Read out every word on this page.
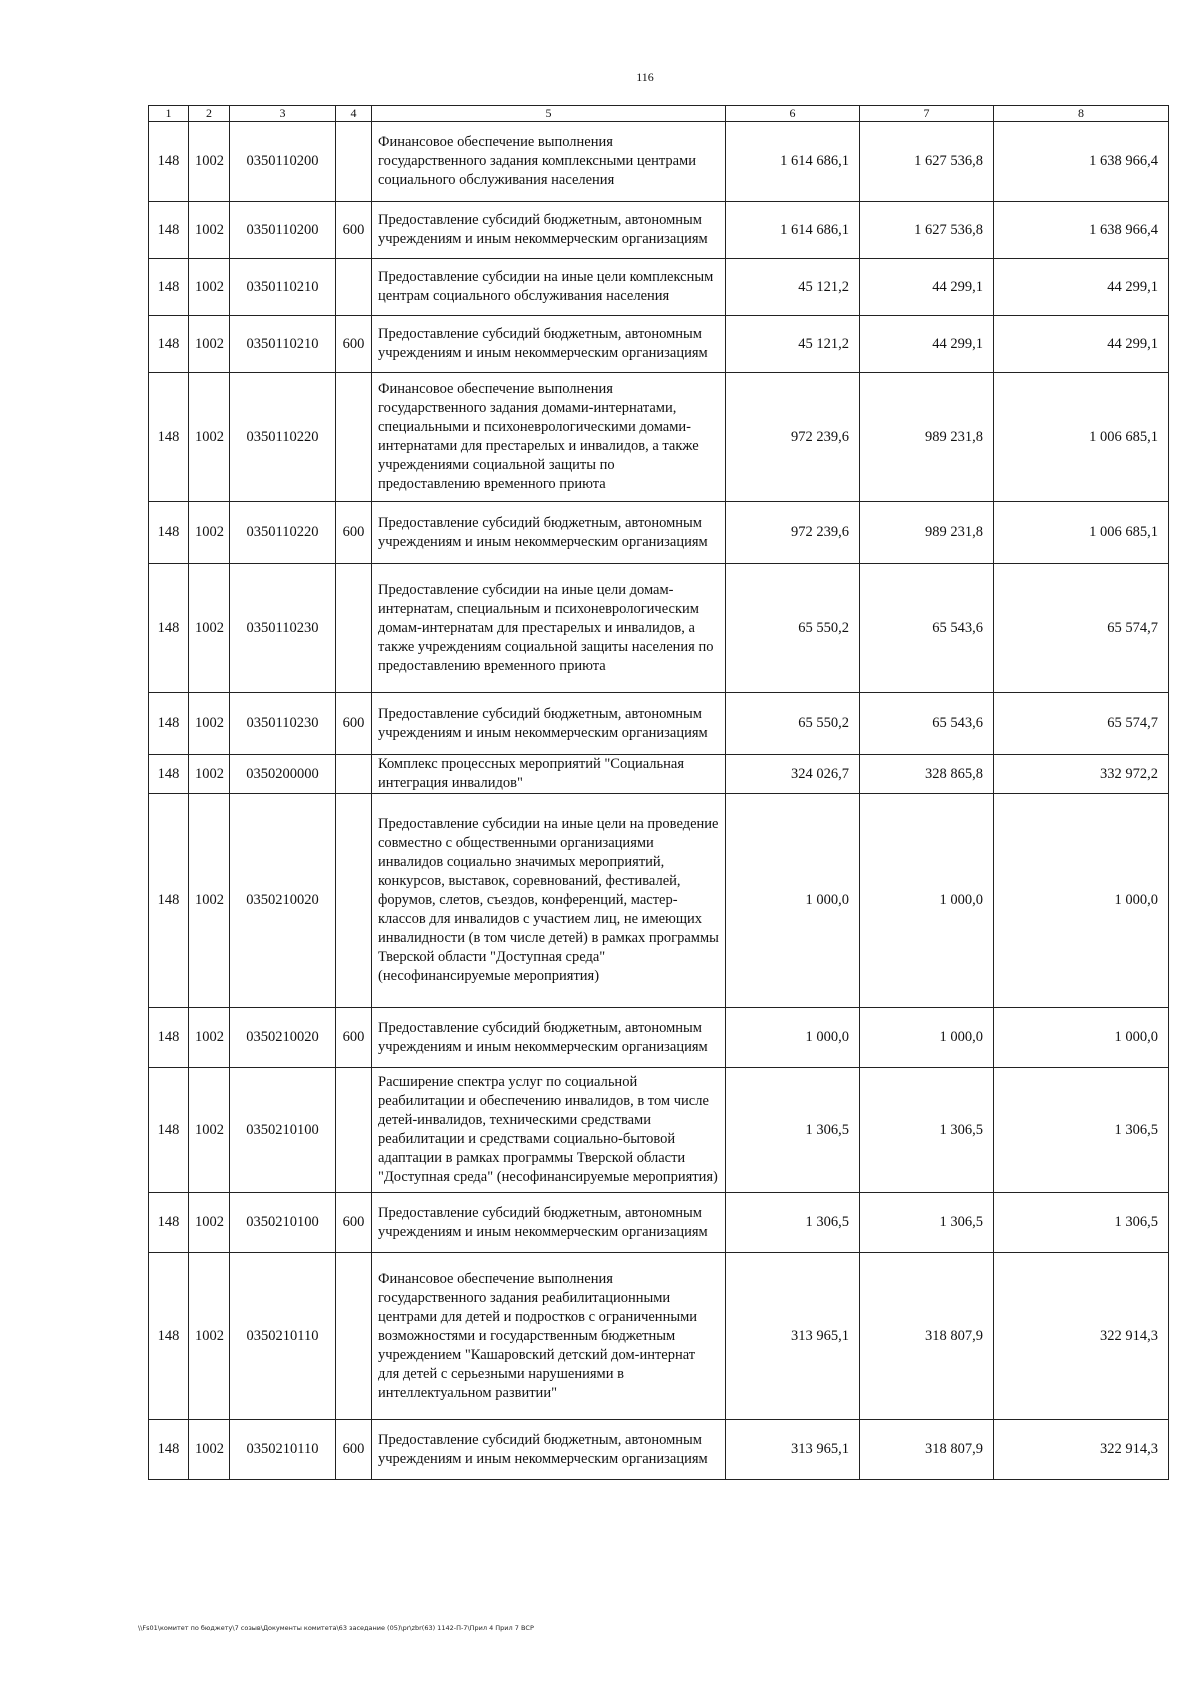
116
1	2	3	4	5	6	7	8
148	1002	0350110200		Финансовое обеспечение выполнения государственного задания комплексными центрами социального обслуживания населения	1 614 686,1	1 627 536,8	1 638 966,4
148	1002	0350110200	600	Предоставление субсидий бюджетным, автономным учреждениям и иным некоммерческим организациям	1 614 686,1	1 627 536,8	1 638 966,4
148	1002	0350110210		Предоставление субсидии на иные цели комплексным центрам социального обслуживания населения	45 121,2	44 299,1	44 299,1
148	1002	0350110210	600	Предоставление субсидий бюджетным, автономным учреждениям и иным некоммерческим организациям	45 121,2	44 299,1	44 299,1
148	1002	0350110220		Финансовое обеспечение выполнения государственного задания домами-интернатами, специальными и психоневрологическими домами-интернатами для престарелых и инвалидов, а также учреждениями социальной защиты по предоставлению временного приюта	972 239,6	989 231,8	1 006 685,1
148	1002	0350110220	600	Предоставление субсидий бюджетным, автономным учреждениям и иным некоммерческим организациям	972 239,6	989 231,8	1 006 685,1
148	1002	0350110230		Предоставление субсидии на иные цели домам-интернатам, специальным и психоневрологическим домам-интернатам для престарелых и инвалидов, а также учреждениям социальной защиты населения по предоставлению временного приюта	65 550,2	65 543,6	65 574,7
148	1002	0350110230	600	Предоставление субсидий бюджетным, автономным учреждениям и иным некоммерческим организациям	65 550,2	65 543,6	65 574,7
148	1002	0350200000		Комплекс процессных мероприятий "Социальная интеграция инвалидов"	324 026,7	328 865,8	332 972,2
148	1002	0350210020		Предоставление субсидии на иные цели на проведение совместно с общественными организациями инвалидов социально значимых мероприятий, конкурсов, выставок, соревнований, фестивалей, форумов, слетов, съездов, конференций, мастер-классов для инвалидов с участием лиц, не имеющих инвалидности (в том числе детей) в рамках программы Тверской области "Доступная среда" (несофинансируемые мероприятия)	1 000,0	1 000,0	1 000,0
148	1002	0350210020	600	Предоставление субсидий бюджетным, автономным учреждениям и иным некоммерческим организациям	1 000,0	1 000,0	1 000,0
148	1002	0350210100		Расширение спектра услуг по социальной реабилитации и обеспечению инвалидов, в том числе детей-инвалидов, техническими средствами реабилитации и средствами социально-бытовой адаптации в рамках программы Тверской области "Доступная среда" (несофинансируемые мероприятия)	1 306,5	1 306,5	1 306,5
148	1002	0350210100	600	Предоставление субсидий бюджетным, автономным учреждениям и иным некоммерческим организациям	1 306,5	1 306,5	1 306,5
148	1002	0350210110		Финансовое обеспечение выполнения государственного задания реабилитационными центрами для детей и подростков с ограниченными возможностями и государственным бюджетным учреждением "Кашаровский детский дом-интернат для детей с серьезными нарушениями в интеллектуальном развитии"	313 965,1	318 807,9	322 914,3
148	1002	0350210110	600	Предоставление субсидий бюджетным, автономным учреждениям и иным некоммерческим организациям	313 965,1	318 807,9	322 914,3
\\Fs01\комитет по бюджету\7 созыв\Документы комитета\63 заседание (05)\pr\zbr(63) 1142-П-7\Прил 4 Прил 7 ВСР
